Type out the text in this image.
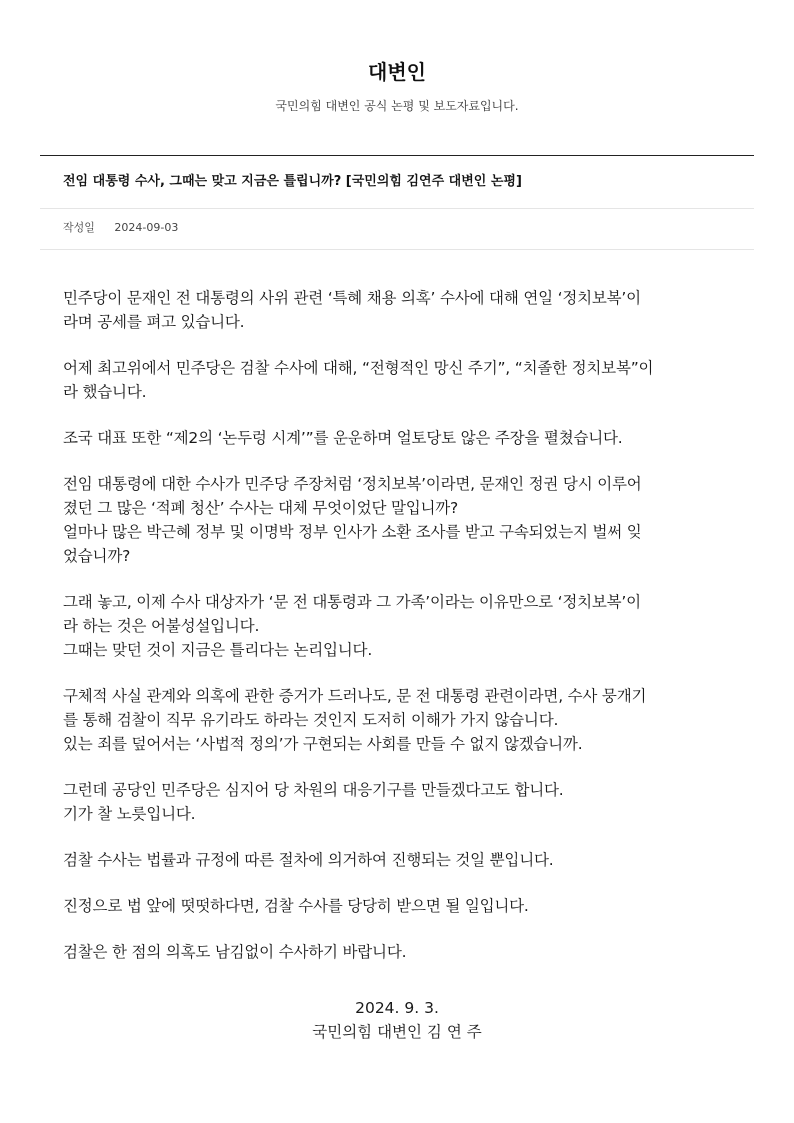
대변인
국민의힘 대변인 공식 논평 및 보도자료입니다.
전임 대통령 수사, 그때는 맞고 지금은 틀립니까? [국민의힘 김연주 대변인 논평]
작성일 2024-09-03

민주당이 문재인 전 대통령의 사위 관련 ‘특혜 채용 의혹’ 수사에 대해 연일 ‘정치보복’이
라며 공세를 펴고 있습니다.

어제 최고위에서 민주당은 검찰 수사에 대해, “전형적인 망신 주기”, “치졸한 정치보복”이
라 했습니다.

조국 대표 또한 “제2의 ‘논두렁 시계’”를 운운하며 얼토당토 않은 주장을 펼쳤습니다.

전임 대통령에 대한 수사가 민주당 주장처럼 ‘정치보복’이라면, 문재인 정권 당시 이루어
졌던 그 많은 ‘적폐 청산’ 수사는 대체 무엇이었단 말입니까?
얼마나 많은 박근혜 정부 및 이명박 정부 인사가 소환 조사를 받고 구속되었는지 벌써 잊
었습니까?

그래 놓고, 이제 수사 대상자가 ‘문 전 대통령과 그 가족’이라는 이유만으로 ‘정치보복’이
라 하는 것은 어불성설입니다.
그때는 맞던 것이 지금은 틀리다는 논리입니다.

구체적 사실 관계와 의혹에 관한 증거가 드러나도, 문 전 대통령 관련이라면, 수사 뭉개기
를 통해 검찰이 직무 유기라도 하라는 것인지 도저히 이해가 가지 않습니다.
있는 죄를 덮어서는 ‘사법적 정의’가 구현되는 사회를 만들 수 없지 않겠습니까.

그런데 공당인 민주당은 심지어 당 차원의 대응기구를 만들겠다고도 합니다.
기가 찰 노릇입니다.

검찰 수사는 법률과 규정에 따른 절차에 의거하여 진행되는 것일 뿐입니다.

진정으로 법 앞에 떳떳하다면, 검찰 수사를 당당히 받으면 될 일입니다.

검찰은 한 점의 의혹도 남김없이 수사하기 바랍니다.

2024. 9. 3.
국민의힘 대변인 김 연 주
